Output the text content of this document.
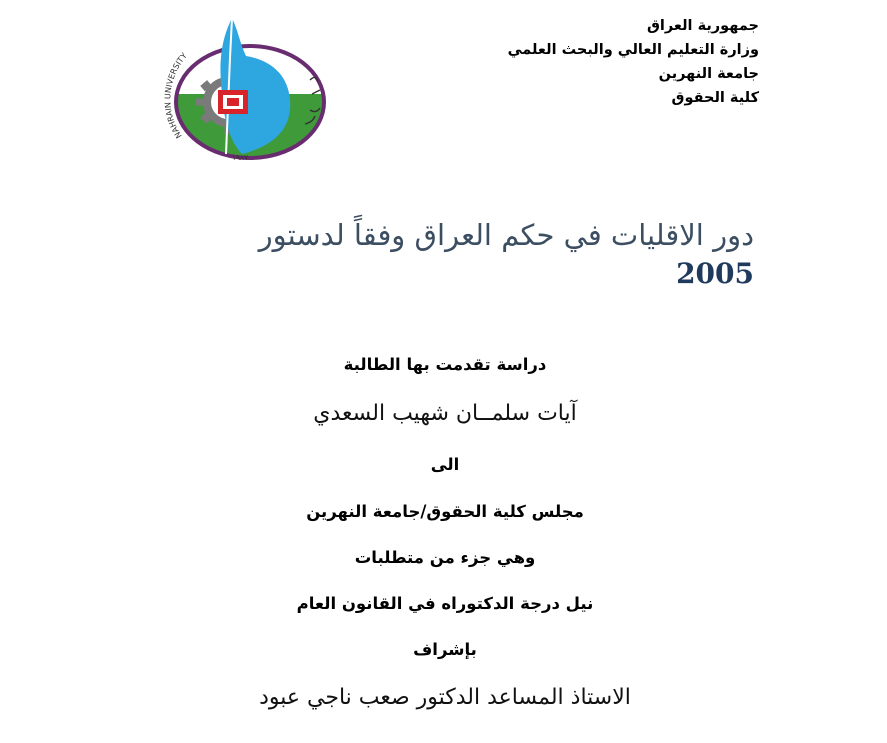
جمهورية العراق
وزارة التعليم العالي والبحث العلمي
جامعة النهرين
كلية الحقوق
NAHRAIN UNIVERSITY
١٩٨٧
دور الاقليات في حكم العراق وفقاً لدستور
2005
دراسة تقدمت بها الطالبة
آيات سلمــان شهيب السعدي
الى
مجلس كلية الحقوق/جامعة النهرين
وهي جزء من متطلبات
نيل درجة الدكتوراه في القانون العام
بإشراف
الاستاذ المساعد الدكتور صعب ناجي عبود
